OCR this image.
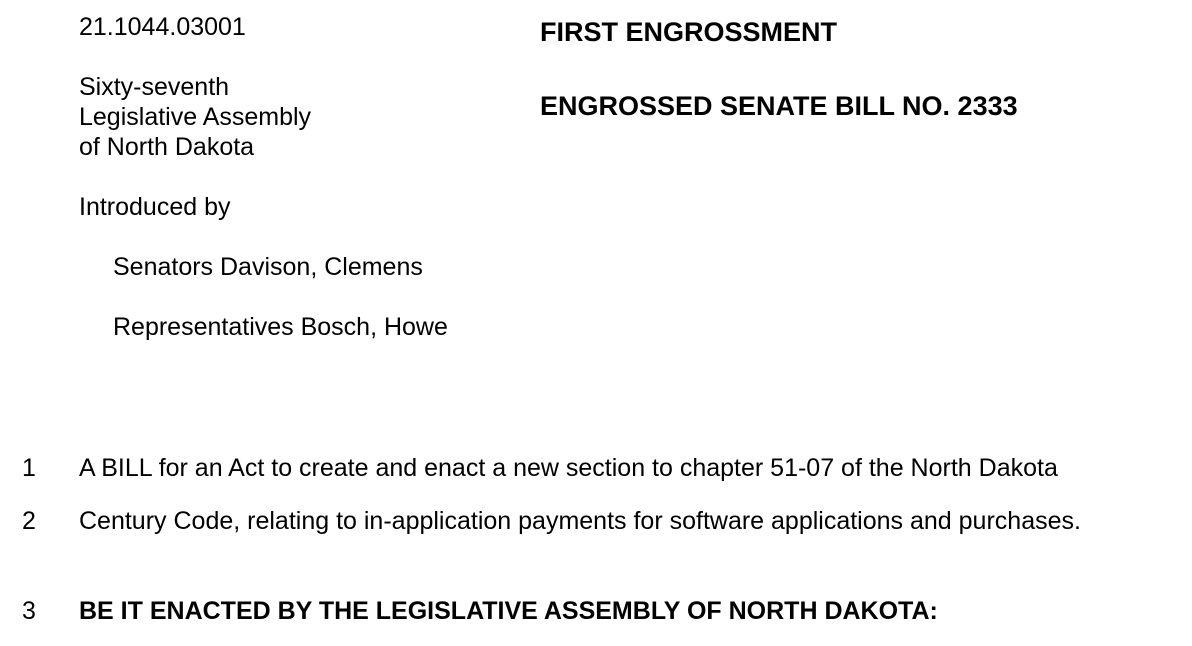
21.1044.03001
Sixty-seventh
Legislative Assembly
of North Dakota
Introduced by
Senators Davison, Clemens
Representatives Bosch, Howe
FIRST ENGROSSMENT
ENGROSSED SENATE BILL NO. 2333
1	A BILL for an Act to create and enact a new section to chapter 51-07 of the North Dakota
2	Century Code, relating to in-application payments for software applications and purchases.
3	BE IT ENACTED BY THE LEGISLATIVE ASSEMBLY OF NORTH DAKOTA:
